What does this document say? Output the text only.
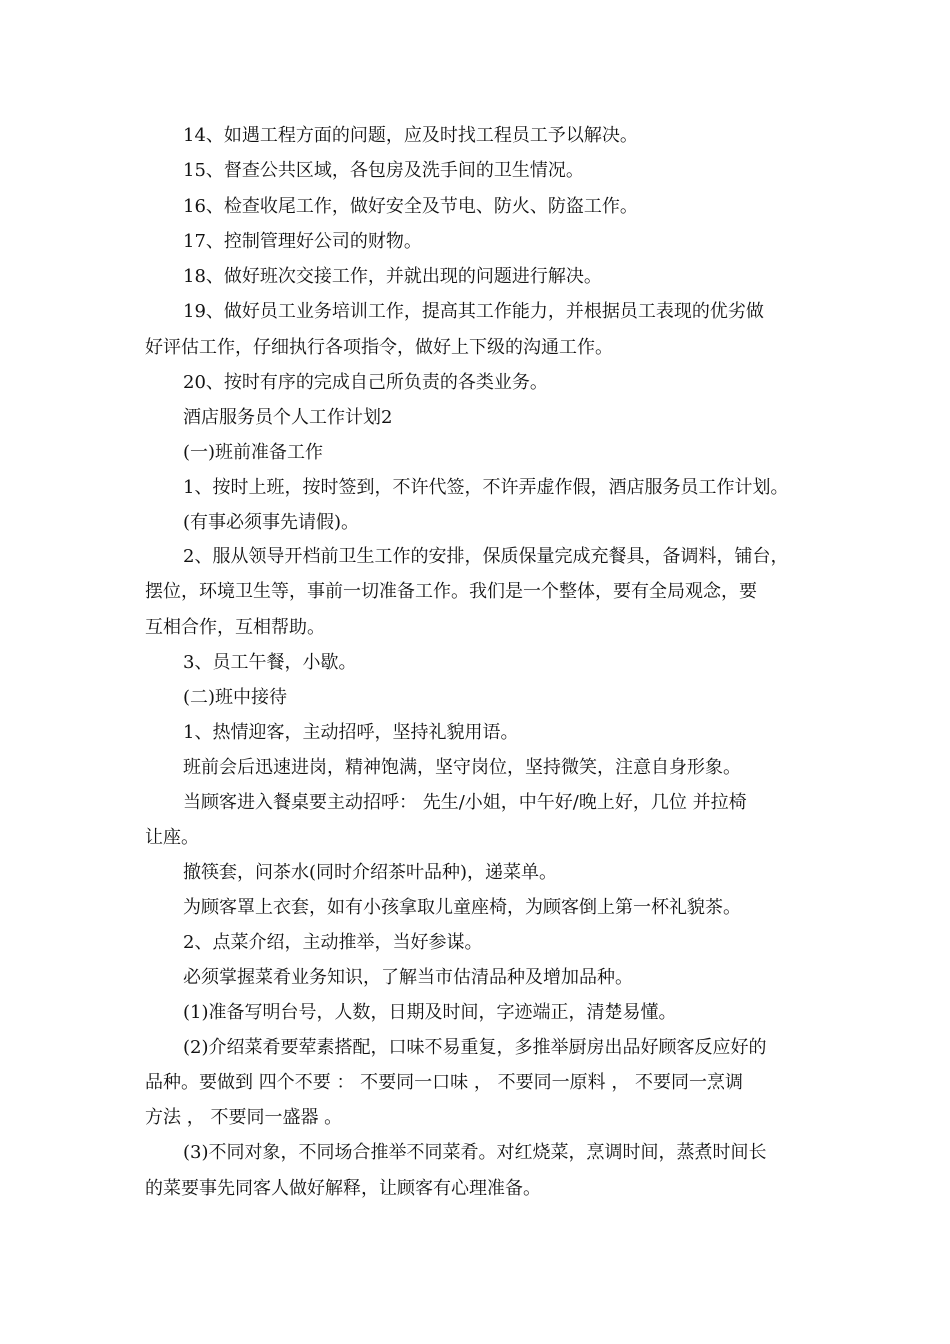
14、如遇工程方面的问题，应及时找工程员工予以解决。

15、督查公共区域，各包房及洗手间的卫生情况。

16、检查收尾工作，做好安全及节电、防火、防盗工作。

17、控制管理好公司的财物。

18、做好班次交接工作，并就出现的问题进行解决。

19、做好员工业务培训工作，提高其工作能力，并根据员工表现的优劣做

好评估工作，仔细执行各项指令，做好上下级的沟通工作。

20、按时有序的完成自己所负责的各类业务。

酒店服务员个人工作计划2

(一)班前准备工作

1、按时上班，按时签到，不许代签，不许弄虚作假，酒店服务员工作计划。

(有事必须事先请假)。

2、服从领导开档前卫生工作的安排，保质保量完成充餐具，备调料，铺台，

摆位，环境卫生等，事前一切准备工作。我们是一个整体，要有全局观念，要

互相合作，互相帮助。

3、员工午餐，小歇。

(二)班中接待

1、热情迎客，主动招呼，坚持礼貌用语。

班前会后迅速进岗，精神饱满，坚守岗位，坚持微笑，注意自身形象。

当顾客进入餐桌要主动招呼： 先生/小姐，中午好/晚上好，几位 并拉椅

让座。

撤筷套，问茶水(同时介绍茶叶品种)，递菜单。

为顾客罩上衣套，如有小孩拿取儿童座椅，为顾客倒上第一杯礼貌茶。

2、点菜介绍，主动推举，当好参谋。

必须掌握菜肴业务知识，了解当市估清品种及增加品种。

(1)准备写明台号，人数，日期及时间，字迹端正，清楚易懂。

(2)介绍菜肴要荤素搭配，口味不易重复，多推举厨房出品好顾客反应好的

品种。要做到 四个不要 ： 不要同一口味 ， 不要同一原料 ， 不要同一烹调

方法 ， 不要同一盛器 。

(3)不同对象，不同场合推举不同菜肴。对红烧菜，烹调时间，蒸煮时间长

的菜要事先同客人做好解释，让顾客有心理准备。
